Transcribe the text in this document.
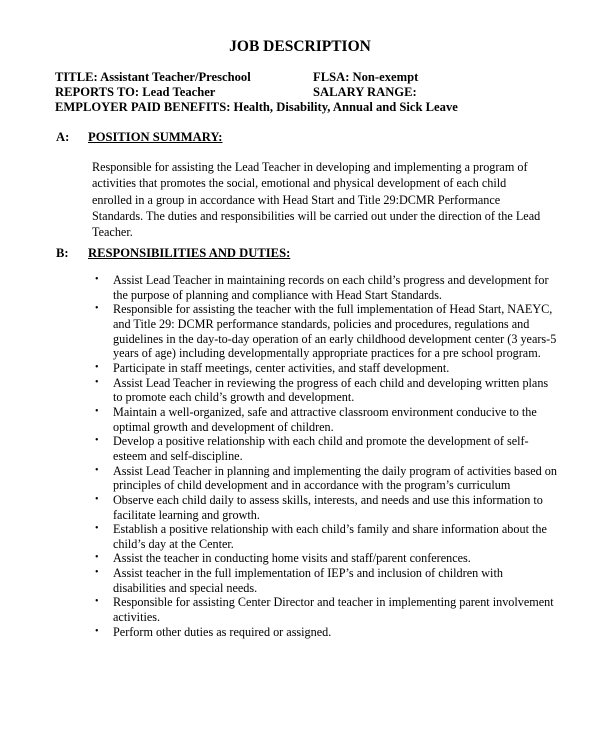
JOB DESCRIPTION
TITLE: Assistant Teacher/Preschool	FLSA: Non-exempt
REPORTS TO: Lead Teacher	SALARY RANGE:
EMPLOYER PAID BENEFITS: Health, Disability, Annual and Sick Leave
A: POSITION SUMMARY:
Responsible for assisting the Lead Teacher in developing and implementing a program of activities that promotes the social, emotional and physical development of each child enrolled in a group in accordance with Head Start and Title 29:DCMR Performance Standards. The duties and responsibilities will be carried out under the direction of the Lead Teacher.
B: RESPONSIBILITIES AND DUTIES:
• Assist Lead Teacher in maintaining records on each child’s progress and development for the purpose of planning and compliance with Head Start Standards.
• Responsible for assisting the teacher with the full implementation of Head Start, NAEYC, and Title 29: DCMR performance standards, policies and procedures, regulations and guidelines in the day-to-day operation of an early childhood development center (3 years-5 years of age) including developmentally appropriate practices for a pre school program.
• Participate in staff meetings, center activities, and staff development.
• Assist Lead Teacher in reviewing the progress of each child and developing written plans to promote each child’s growth and development.
• Maintain a well-organized, safe and attractive classroom environment conducive to the optimal growth and development of children.
• Develop a positive relationship with each child and promote the development of self-esteem and self-discipline.
• Assist Lead Teacher in planning and implementing the daily program of activities based on principles of child development and in accordance with the program’s curriculum
• Observe each child daily to assess skills, interests, and needs and use this information to facilitate learning and growth.
• Establish a positive relationship with each child’s family and share information about the child’s day at the Center.
• Assist the teacher in conducting home visits and staff/parent conferences.
• Assist teacher in the full implementation of IEP’s and inclusion of children with disabilities and special needs.
• Responsible for assisting Center Director and teacher in implementing parent involvement activities.
• Perform other duties as required or assigned.
